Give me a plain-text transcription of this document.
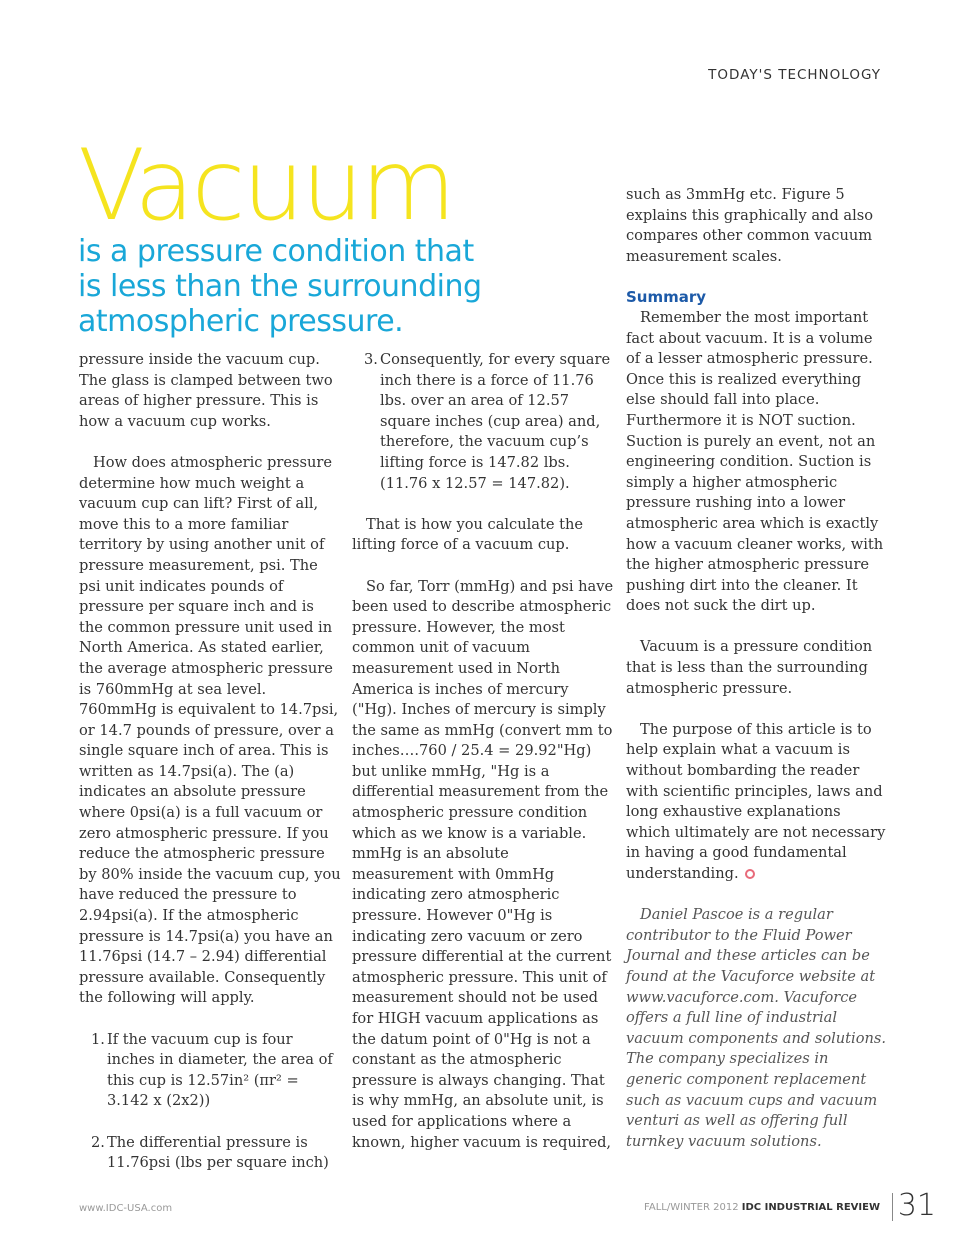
TODAY'S TECHNOLOGY
Vacuum
is a pressure condition that
is less than the surrounding
atmospheric pressure.

pressure inside the vacuum cup. The glass is clamped between two areas of higher pressure. This is how a vacuum cup works.

How does atmospheric pressure determine how much weight a vacuum cup can lift? First of all, move this to a more familiar territory by using another unit of pressure measurement, psi. The psi unit indicates pounds of pressure per square inch and is the common pressure unit used in North America. As stated earlier, the average atmospheric pressure is 760mmHg at sea level. 760mmHg is equivalent to 14.7psi, or 14.7 pounds of pressure, over a single square inch of area. This is written as 14.7psi(a). The (a) indicates an absolute pressure where 0psi(a) is a full vacuum or zero atmospheric pressure. If you reduce the atmospheric pressure by 80% inside the vacuum cup, you have reduced the pressure to 2.94psi(a). If the atmospheric pressure is 14.7psi(a) you have an 11.76psi (14.7 – 2.94) differential pressure available. Consequently the following will apply.

1. If the vacuum cup is four inches in diameter, the area of this cup is 12.57in² (πr² = 3.142 x (2x2))

2. The differential pressure is 11.76psi (lbs per square inch)

3. Consequently, for every square inch there is a force of 11.76 lbs. over an area of 12.57 square inches (cup area) and, therefore, the vacuum cup’s lifting force is 147.82 lbs. (11.76 x 12.57 = 147.82).

That is how you calculate the lifting force of a vacuum cup.

So far, Torr (mmHg) and psi have been used to describe atmospheric pressure. However, the most common unit of vacuum measurement used in North America is inches of mercury ("Hg). Inches of mercury is simply the same as mmHg (convert mm to inches….760 / 25.4 = 29.92"Hg) but unlike mmHg, "Hg is a differential measurement from the atmospheric pressure condition which as we know is a variable. mmHg is an absolute measurement with 0mmHg indicating zero atmospheric pressure. However 0"Hg is indicating zero vacuum or zero pressure differential at the current atmospheric pressure. This unit of measurement should not be used for HIGH vacuum applications as the datum point of 0"Hg is not a constant as the atmospheric pressure is always changing. That is why mmHg, an absolute unit, is used for applications where a known, higher vacuum is required,

such as 3mmHg etc. Figure 5 explains this graphically and also compares other common vacuum measurement scales.

Summary

Remember the most important fact about vacuum. It is a volume of a lesser atmospheric pressure. Once this is realized everything else should fall into place. Furthermore it is NOT suction. Suction is purely an event, not an engineering condition. Suction is simply a higher atmospheric pressure rushing into a lower atmospheric area which is exactly how a vacuum cleaner works, with the higher atmospheric pressure pushing dirt into the cleaner. It does not suck the dirt up.

Vacuum is a pressure condition that is less than the surrounding atmospheric pressure.

The purpose of this article is to help explain what a vacuum is without bombarding the reader with scientific principles, laws and long exhaustive explanations which ultimately are not necessary in having a good fundamental understanding.

Daniel Pascoe is a regular contributor to the Fluid Power Journal and these articles can be found at the Vacuforce website at www.vacuforce.com. Vacuforce offers a full line of industrial vacuum components and solutions. The company specializes in generic component replacement such as vacuum cups and vacuum venturi as well as offering full turnkey vacuum solutions.

www.IDC-USA.com	FALL/WINTER 2012 IDC INDUSTRIAL REVIEW 31
